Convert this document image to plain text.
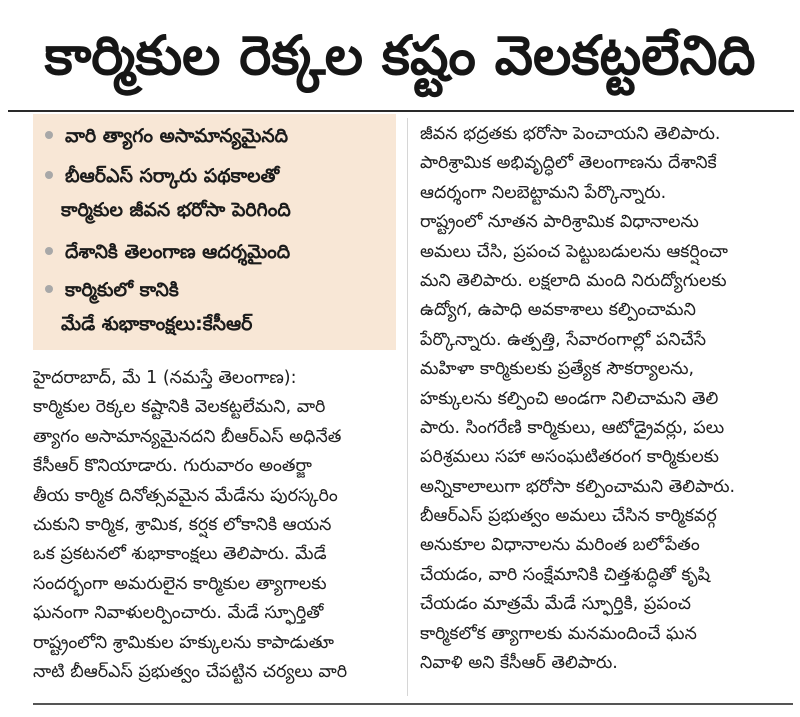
కార్మికుల రెక్కల కష్టం వెలకట్టలేనిది
వారి త్యాగం అసామాన్యమైనది
బీఆర్‌ఎస్‌ సర్కారు పథకాలతో
కార్మికుల జీవన భరోసా పెరిగింది
దేశానికి తెలంగాణ ఆదర్శమైంది
కార్మికులో కానికి
మేడే శుభాకాంక్షలు:కేసీఆర్‌
హైదరాబాద్‌, మే 1 (నమస్తే తెలంగాణ):
కార్మికుల రెక్కల కష్టానికి వెలకట్టలేమని, వారి
త్యాగం అసామాన్యమైనదని బీఆర్‌ఎస్‌ అధినేత
కేసీఆర్‌ కొనియాడారు. గురువారం అంతర్జా
తీయ కార్మిక దినోత్సవమైన మేడేను పురస్కరిం
చుకుని కార్మిక, శ్రామిక, కర్షక లోకానికి ఆయన
ఒక ప్రకటనలో శుభాకాంక్షలు తెలిపారు. మేడే
సందర్భంగా అమరులైన కార్మికుల త్యాగాలకు
ఘనంగా నివాళులర్పించారు. మేడే స్ఫూర్తితో
రాష్ట్రంలోని శ్రామికుల హక్కులను కాపాడుతూ
నాటి బీఆర్‌ఎస్‌ ప్రభుత్వం చేపట్టిన చర్యలు వారి
జీవన భద్రతకు భరోసా పెంచాయని తెలిపారు.
పారిశ్రామిక అభివృద్ధిలో తెలంగాణను దేశానికే
ఆదర్శంగా నిలబెట్టామని పేర్కొన్నారు.
రాష్ట్రంలో నూతన పారిశ్రామిక విధానాలను
అమలు చేసి, ప్రపంచ పెట్టుబడులను ఆకర్షించా
మని తెలిపారు. లక్షలాది మంది నిరుద్యోగులకు
ఉద్యోగ, ఉపాధి అవకాశాలు కల్పించామని
పేర్కొన్నారు. ఉత్పత్తి, సేవారంగాల్లో పనిచేసే
మహిళా కార్మికులకు ప్రత్యేక సౌకర్యాలను,
హక్కులను కల్పించి అండగా నిలిచామని తెలి
పారు. సింగరేణి కార్మికులు, ఆటోడ్రైవర్లు, పలు
పరిశ్రమలు సహా అసంఘటితరంగ కార్మికులకు
అన్నికాలాలుగా భరోసా కల్పించామని తెలిపారు.
బీఆర్‌ఎస్‌ ప్రభుత్వం అమలు చేసిన కార్మికవర్గ
అనుకూల విధానాలను మరింత బలోపేతం
చేయడం, వారి సంక్షేమానికి చిత్తశుద్ధితో కృషి
చేయడం మాత్రమే మేడే స్ఫూర్తికి, ప్రపంచ
కార్మికలోక త్యాగాలకు మనమందించే ఘన
నివాళి అని కేసీఆర్‌ తెలిపారు.
